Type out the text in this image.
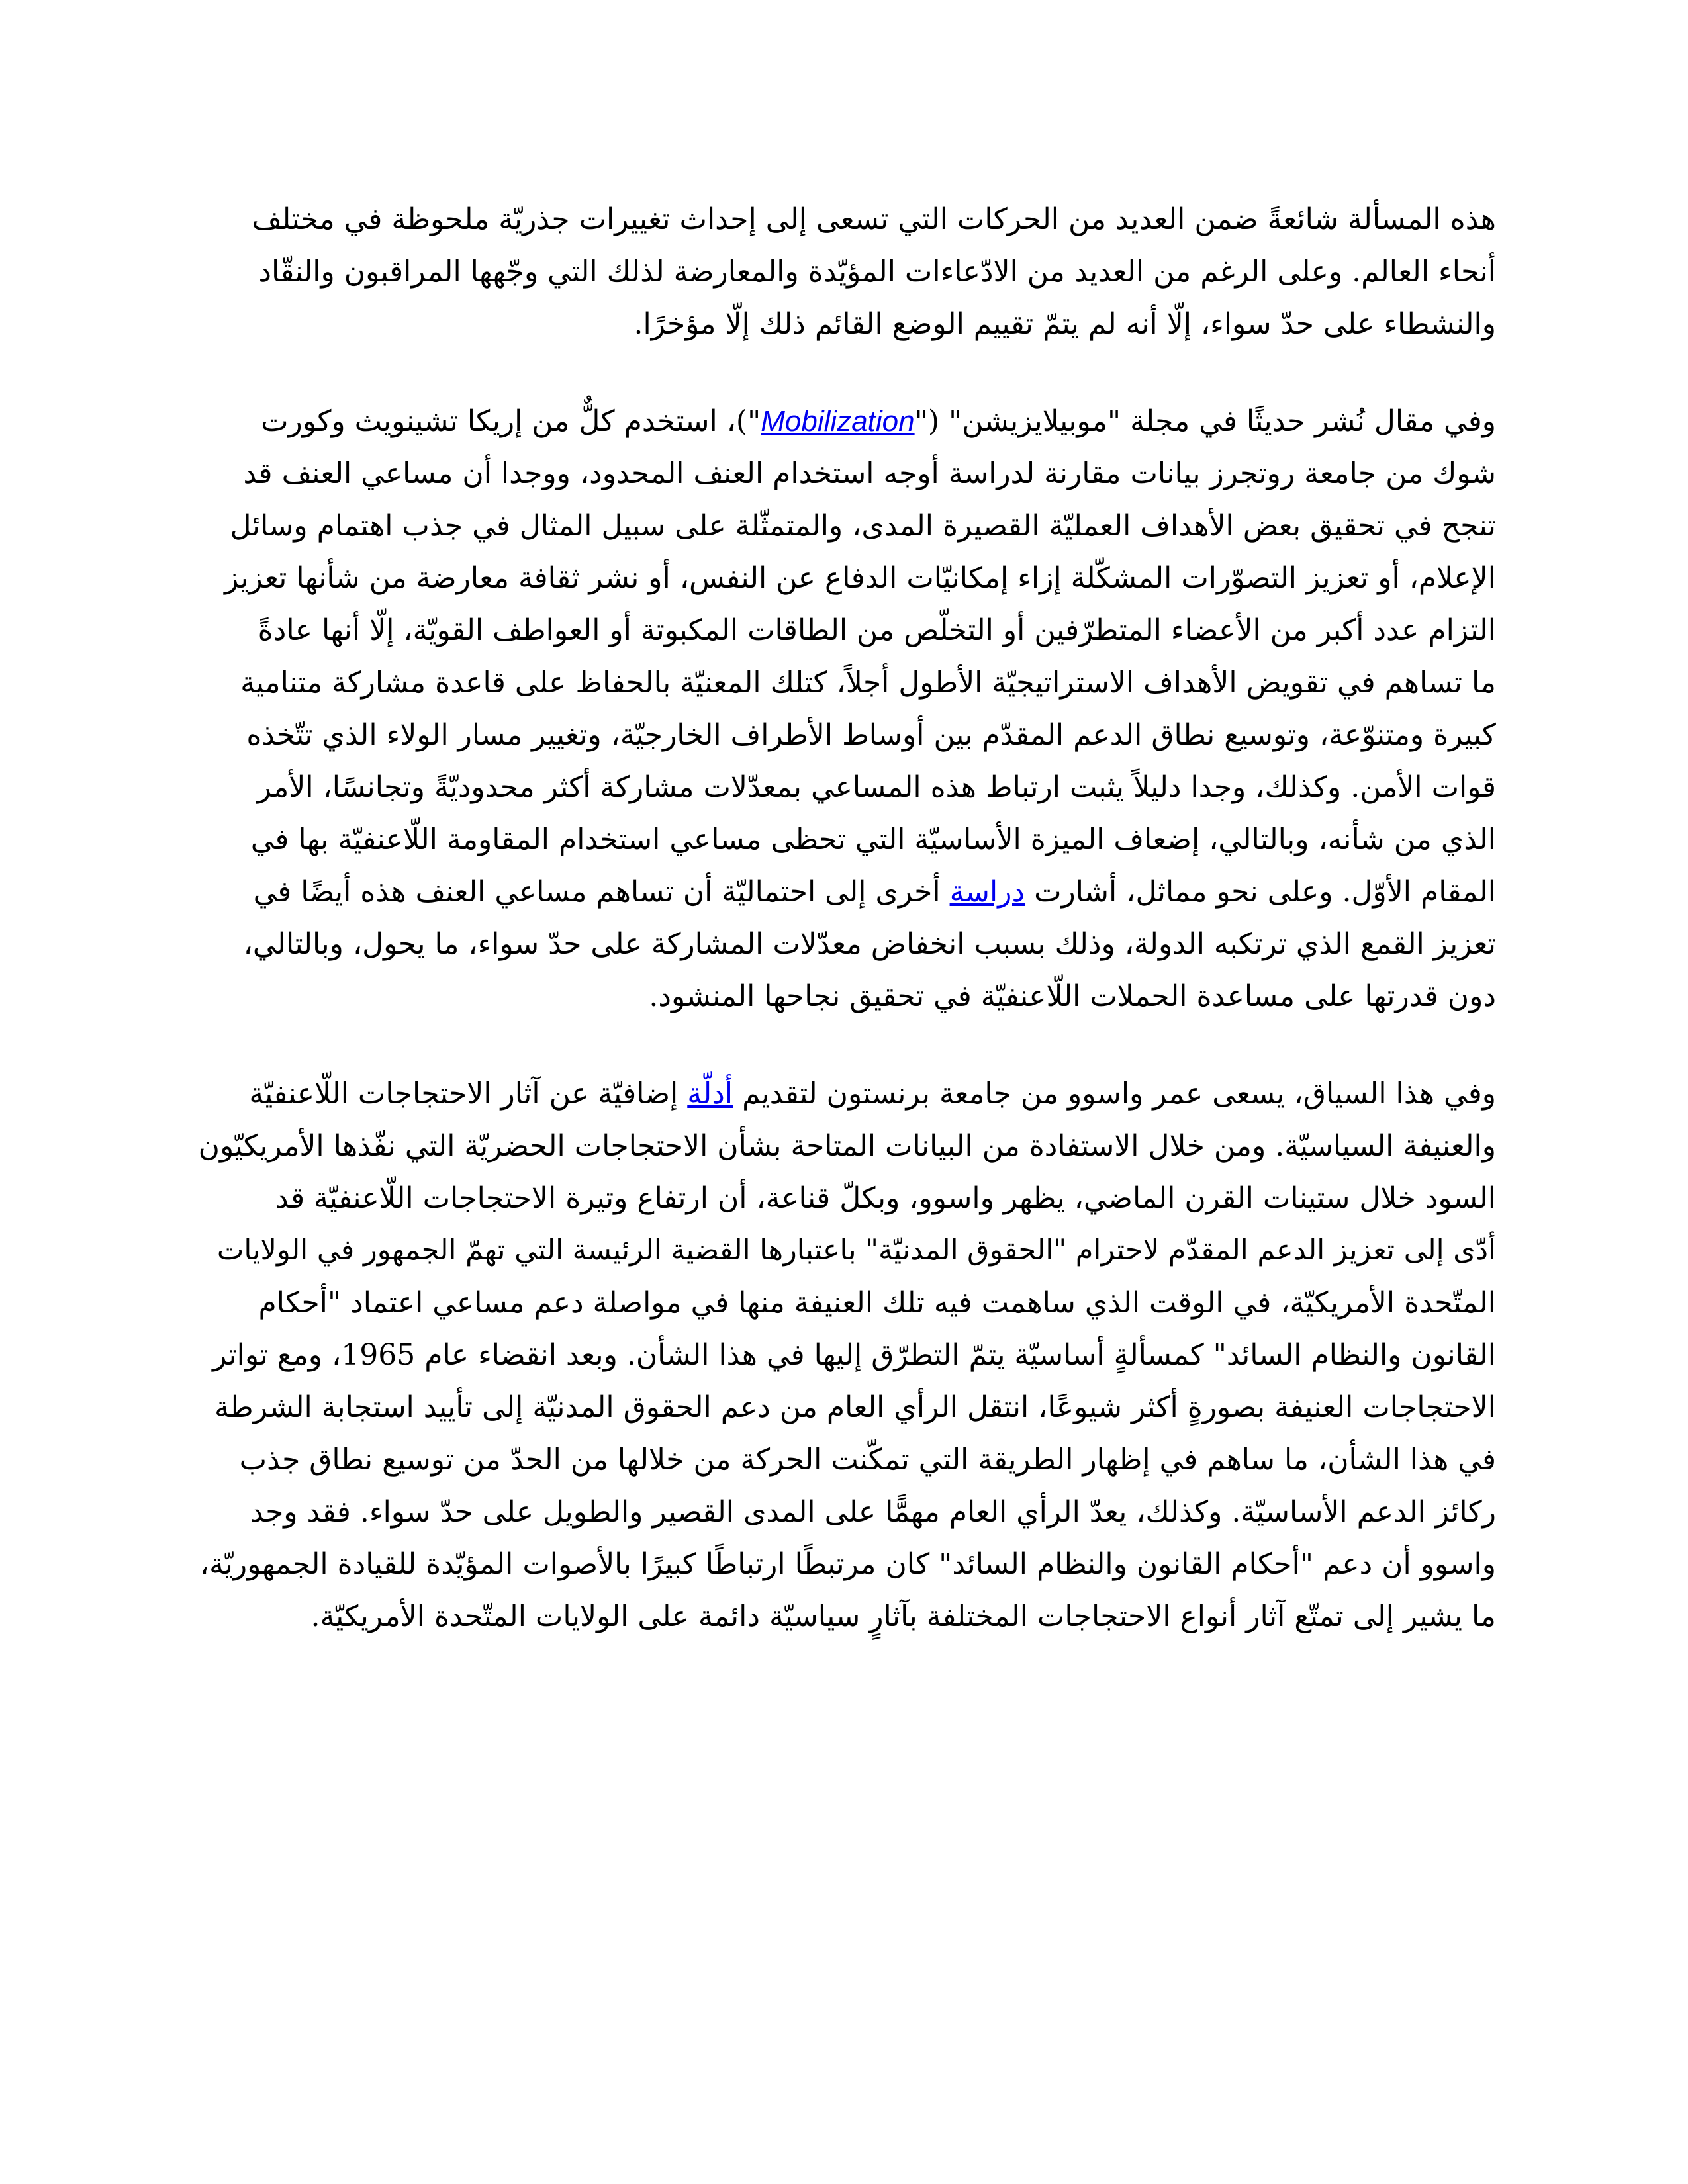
هذه المسألة شائعةً ضمن العديد من الحركات التي تسعى إلى إحداث تغييرات جذريّة ملحوظة في مختلف
أنحاء العالم. وعلى الرغم من العديد من الادّعاءات المؤيّدة والمعارضة لذلك التي وجّهها المراقبون والنقّاد
والنشطاء على حدّ سواء، إلّا أنه لم يتمّ تقييم الوضع القائم ذلك إلّا مؤخرًا.

وفي مقال نُشر حديثًا في مجلة "موبيلايزيشن" ("Mobilization")، استخدم كلٌّ من إريكا تشينويث وكورت
شوك من جامعة روتجرز بيانات مقارنة لدراسة أوجه استخدام العنف المحدود، ووجدا أن مساعي العنف قد
تنجح في تحقيق بعض الأهداف العمليّة القصيرة المدى، والمتمثّلة على سبيل المثال في جذب اهتمام وسائل
الإعلام، أو تعزيز التصوّرات المشكّلة إزاء إمكانيّات الدفاع عن النفس، أو نشر ثقافة معارضة من شأنها تعزيز
التزام عدد أكبر من الأعضاء المتطرّفين أو التخلّص من الطاقات المكبوتة أو العواطف القويّة، إلّا أنها عادةً
ما تساهم في تقويض الأهداف الاستراتيجيّة الأطول أجلاً، كتلك المعنيّة بالحفاظ على قاعدة مشاركة متنامية
كبيرة ومتنوّعة، وتوسيع نطاق الدعم المقدّم بين أوساط الأطراف الخارجيّة، وتغيير مسار الولاء الذي تتّخذه
قوات الأمن. وكذلك، وجدا دليلاً يثبت ارتباط هذه المساعي بمعدّلات مشاركة أكثر محدوديّةً وتجانسًا، الأمر
الذي من شأنه، وبالتالي، إضعاف الميزة الأساسيّة التي تحظى مساعي استخدام المقاومة اللّاعنفيّة بها في
المقام الأوّل. وعلى نحو مماثل، أشارت دراسة أخرى إلى احتماليّة أن تساهم مساعي العنف هذه أيضًا في
تعزيز القمع الذي ترتكبه الدولة، وذلك بسبب انخفاض معدّلات المشاركة على حدّ سواء، ما يحول، وبالتالي،
دون قدرتها على مساعدة الحملات اللّاعنفيّة في تحقيق نجاحها المنشود.

وفي هذا السياق، يسعى عمر واسوو من جامعة برنستون لتقديم أدلّة إضافيّة عن آثار الاحتجاجات اللّاعنفيّة
والعنيفة السياسيّة. ومن خلال الاستفادة من البيانات المتاحة بشأن الاحتجاجات الحضريّة التي نفّذها الأمريكيّون
السود خلال ستينات القرن الماضي، يظهر واسوو، وبكلّ قناعة، أن ارتفاع وتيرة الاحتجاجات اللّاعنفيّة قد
أدّى إلى تعزيز الدعم المقدّم لاحترام "الحقوق المدنيّة" باعتبارها القضية الرئيسة التي تهمّ الجمهور في الولايات
المتّحدة الأمريكيّة، في الوقت الذي ساهمت فيه تلك العنيفة منها في مواصلة دعم مساعي اعتماد "أحكام
القانون والنظام السائد" كمسألةٍ أساسيّة يتمّ التطرّق إليها في هذا الشأن. وبعد انقضاء عام 1965، ومع تواتر
الاحتجاجات العنيفة بصورةٍ أكثر شيوعًا، انتقل الرأي العام من دعم الحقوق المدنيّة إلى تأييد استجابة الشرطة
في هذا الشأن، ما ساهم في إظهار الطريقة التي تمكّنت الحركة من خلالها من الحدّ من توسيع نطاق جذب
ركائز الدعم الأساسيّة. وكذلك، يعدّ الرأي العام مهمًّا على المدى القصير والطويل على حدّ سواء. فقد وجد
واسوو أن دعم "أحكام القانون والنظام السائد" كان مرتبطًا ارتباطًا كبيرًا بالأصوات المؤيّدة للقيادة الجمهوريّة،
ما يشير إلى تمتّع آثار أنواع الاحتجاجات المختلفة بآثارٍ سياسيّة دائمة على الولايات المتّحدة الأمريكيّة.
